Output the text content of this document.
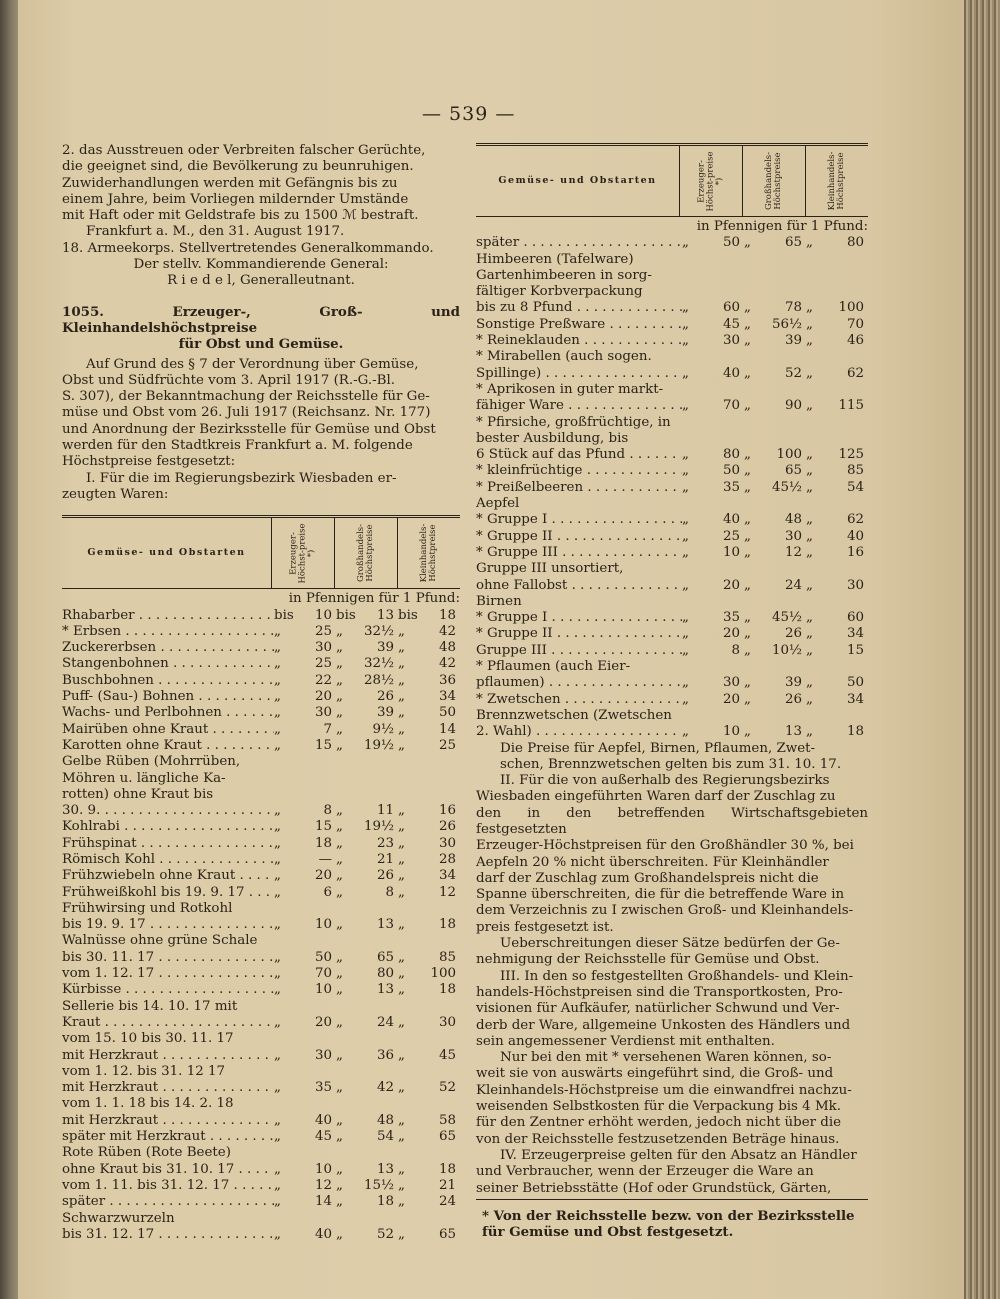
— 539 —

2. das Ausstreuen oder Verbreiten falscher Gerüchte,

die geeignet sind, die Bevölkerung zu beunruhigen.

Zuwiderhandlungen werden mit Gefängnis bis zu

einem Jahre, beim Vorliegen mildernder Umstände

mit Haft oder mit Geldstrafe bis zu 1500 ℳ bestraft.

Frankfurt a. M., den 31. August 1917.

18. Armeekorps. Stellvertretendes Generalkommando.

Der stellv. Kommandierende General:

R i e d e l, Generalleutnant.

1055. Erzeuger-, Groß- und Kleinhandelshöchstpreise

für Obst und Gemüse.

Auf Grund des § 7 der Verordnung über Gemüse,

Obst und Südfrüchte vom 3. April 1917 (R.-G.-Bl.

S. 307), der Bekanntmachung der Reichsstelle für Ge-

müse und Obst vom 26. Juli 1917 (Reichsanz. Nr. 177)

und Anordnung der Bezirksstelle für Gemüse und Obst

werden für den Stadtkreis Frankfurt a. M. folgende

Höchstpreise festgesetzt:

I. Für die im Regierungsbezirk Wiesbaden er-

zeugten Waren:

Gemüse- und Obstarten	Erzeuger-Höchst-preise *)	Großhandels-Höchstpreise	Kleinhandels-Höchstpreise

in Pfennigen für 1 Pfund:

Rhabarber . . .	bis	10 bis	13 bis	18
* Erbsen . . .	„	25 „	32½ „	42
Zuckererbsen . . .	„	30 „	39 „	48
Stangenbohnen . . .	„	25 „	32½ „	42
Buschbohnen . . .	„	22 „	28½ „	36
Puff- (Sau-) Bohnen . . .	„	20 „	26 „	34
Wachs- und Perlbohnen . . .	„	30 „	39 „	50
Mairüben ohne Kraut . . .	„	7 „	9½ „	14
Karotten ohne Kraut . . .	„	15 „	19½ „	25
Gelbe Rüben (Mohrrüben,
Möhren u. längliche Ka-
rotten) ohne Kraut bis
30. 9. . . .	„	8 „	11 „	16
Kohlrabi . . .	„	15 „	19½ „	26
Frühspinat . . .	„	18 „	23 „	30
Römisch Kohl . . .	„	— „	21 „	28
Frühzwiebeln ohne Kraut . . .	„	20 „	26 „	34
Frühweißkohl bis 19. 9. 17 . . .	„	6 „	8 „	12
Frühwirsing und Rotkohl
bis 19. 9. 17 . . .	„	10 „	13 „	18
Walnüsse ohne grüne Schale
bis 30. 11. 17 . . .	„	50 „	65 „	85
vom 1. 12. 17 . . .	„	70 „	80 „	100
Kürbisse . . .	„	10 „	13 „	18
Sellerie bis 14. 10. 17 mit
Kraut . . .	„	20 „	24 „	30
vom 15. 10 bis 30. 11. 17
mit Herzkraut . . .	„	30 „	36 „	45
vom 1. 12. bis 31. 12 17
mit Herzkraut . . .	„	35 „	42 „	52
vom 1. 1. 18 bis 14. 2. 18
mit Herzkraut . . .	„	40 „	48 „	58
später mit Herzkraut . . .	„	45 „	54 „	65
Rote Rüben (Rote Beete)
ohne Kraut bis 31. 10. 17 . . .	„	10 „	13 „	18
vom 1. 11. bis 31. 12. 17 . . .	„	12 „	15½ „	21
später . . .	„	14 „	18 „	24
Schwarzwurzeln
bis 31. 12. 17 . . .	„	40 „	52 „	65
Gemüse- und Obstarten	Erzeuger-Höchst-preise *)	Großhandels-Höchstpreise	Kleinhandels-Höchstpreise

in Pfennigen für 1 Pfund:

später . . .	„	50 „	65 „	80
Himbeeren (Tafelware)
Gartenhimbeeren in sorg-
fältiger Korbverpackung
bis zu 8 Pfund . . .	„	60 „	78 „	100
Sonstige Preßware . . .	„	45 „	56½ „	70
* Reineklauden . . .	„	30 „	39 „	46
* Mirabellen (auch sogen.
Spillinge) . . .	„	40 „	52 „	62
* Aprikosen in guter markt-
fähiger Ware . . .	„	70 „	90 „	115
* Pfirsiche, großfrüchtige, in
bester Ausbildung, bis
6 Stück auf das Pfund . . .	„	80 „	100 „	125
* kleinfrüchtige . . .	„	50 „	65 „	85
* Preißelbeeren . . .	„	35 „	45½ „	54
Aepfel
* Gruppe I . . .	„	40 „	48 „	62
* Gruppe II . . .	„	25 „	30 „	40
* Gruppe III . . .	„	10 „	12 „	16
Gruppe III unsortiert,
ohne Fallobst . . .	„	20 „	24 „	30
Birnen
* Gruppe I . . .	„	35 „	45½ „	60
* Gruppe II . . .	„	20 „	26 „	34
Gruppe III . . .	„	8 „	10½ „	15
* Pflaumen (auch Eier-
pflaumen) . . .	„	30 „	39 „	50
* Zwetschen . . .	„	20 „	26 „	34
Brennzwetschen (Zwetschen
2. Wahl) . . .	„	10 „	13 „	18

Die Preise für Aepfel, Birnen, Pflaumen, Zwet-

schen, Brennzwetschen gelten bis zum 31. 10. 17.

II. Für die von außerhalb des Regierungsbezirks

Wiesbaden eingeführten Waren darf der Zuschlag zu

den in den betreffenden Wirtschaftsgebieten festgesetzten

Erzeuger-Höchstpreisen für den Großhändler 30 %, bei

Aepfeln 20 % nicht überschreiten. Für Kleinhändler

darf der Zuschlag zum Großhandelspreis nicht die

Spanne überschreiten, die für die betreffende Ware in

dem Verzeichnis zu I zwischen Groß- und Kleinhandels-

preis festgesetzt ist.

Ueberschreitungen dieser Sätze bedürfen der Ge-

nehmigung der Reichsstelle für Gemüse und Obst.

III. In den so festgestellten Großhandels- und Klein-

handels-Höchstpreisen sind die Transportkosten, Pro-

visionen für Aufkäufer, natürlicher Schwund und Ver-

derb der Ware, allgemeine Unkosten des Händlers und

sein angemessener Verdienst mit enthalten.

Nur bei den mit * versehenen Waren können, so-

weit sie von auswärts eingeführt sind, die Groß- und

Kleinhandels-Höchstpreise um die einwandfrei nachzu-

weisenden Selbstkosten für die Verpackung bis 4 Mk.

für den Zentner erhöht werden, jedoch nicht über die

von der Reichsstelle festzusetzenden Beträge hinaus.

IV. Erzeugerpreise gelten für den Absatz an Händler

und Verbraucher, wenn der Erzeuger die Ware an

seiner Betriebsstätte (Hof oder Grundstück, Gärten,

* Von der Reichsstelle bezw. von der Bezirksstelle

für Gemüse und Obst festgesetzt.
